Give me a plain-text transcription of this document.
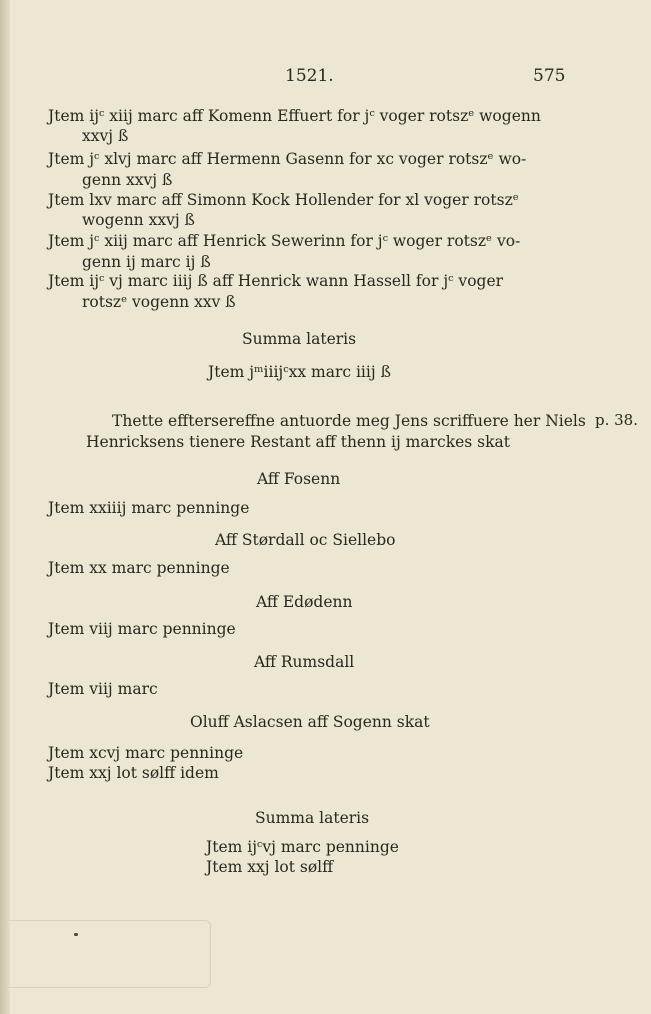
1521.	575
Jtem ijᶜ xiij marc aff Komenn Effuert for jᶜ voger rotszᵉ wogenn
xxvj ß
Jtem jᶜ xlvj marc aff Hermenn Gasenn for xc voger rotszᵉ wo-
genn xxvj ß
Jtem lxv marc aff Simonn Kock Hollender for xl voger rotszᵉ
wogenn xxvj ß
Jtem jᶜ xiij marc aff Henrick Sewerinn for jᶜ woger rotszᵉ vo-
genn ij marc ij ß
Jtem ijᶜ vj marc iiij ß aff Henrick wann Hassell for jᶜ voger
rotszᵉ vogenn xxv ß
Summa lateris
Jtem jᵐiiijᶜxx marc iiij ß
Thette efftersereffne antuorde meg Jens scriffuere her Niels p. 38.
Henricksens tienere Restant aff thenn ij marckes skat
Aff Fosenn
Jtem xxiiij marc penninge
Aff Størdall oc Siellebo
Jtem xx marc penninge
Aff Edødenn
Jtem viij marc penninge
Aff Rumsdall
Jtem viij marc
Oluff Aslacsen aff Sogenn skat
Jtem xcvj marc penninge
Jtem xxj lot sølff idem
Summa lateris
Jtem ijᶜvj marc penninge
Jtem xxj lot sølff
